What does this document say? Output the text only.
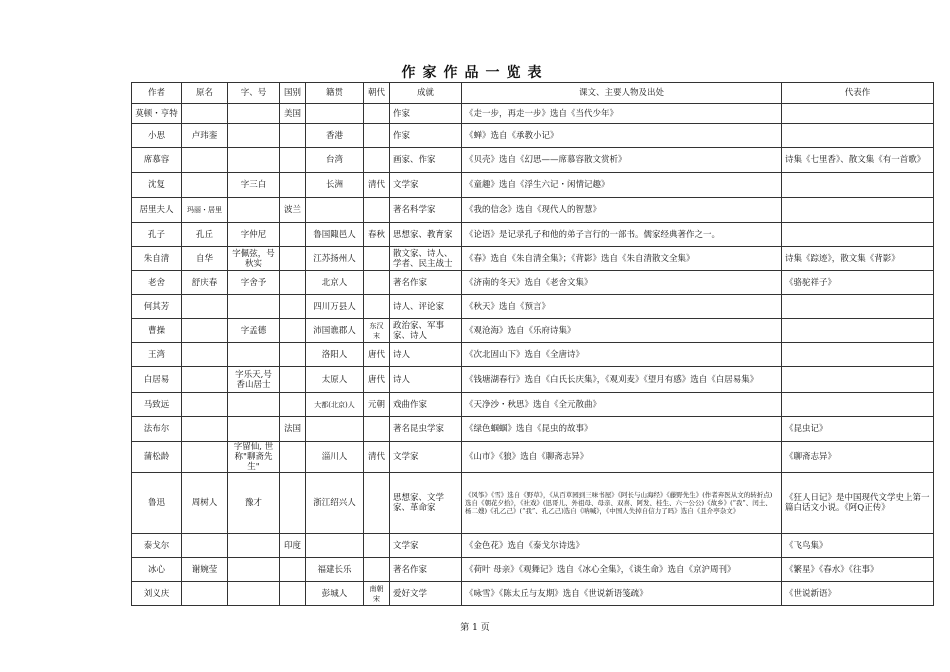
作家作品一览表
作者	原名	字、号	国别	籍贯	朝代	成就	课文、主要人物及出处	代表作
莫顿・亨特			美国			作家	《走一步，再走一步》选自《当代少年》	
小思	卢玮銮			香港		作家	《蝉》选自《承教小记》	
席慕容				台湾		画家、作家	《贝壳》选自《幻思——席慕容散文赏析》	诗集《七里香》、散文集《有一首歌》
沈复		字三白		长洲	清代	文学家	《童趣》选自《浮生六记・闲情记趣》	
居里夫人	玛丽・居里		波兰			著名科学家	《我的信念》选自《现代人的智慧》	
孔子	孔丘	字仲尼		鲁国陬邑人	春秋	思想家、教育家	《论语》是记录孔子和他的弟子言行的一部书。儒家经典著作之一。	
朱自清	自华	字佩弦，号秋实		江苏扬州人		散文家、诗人、学者、民主战士	《春》选自《朱自清全集》；《背影》选自《朱自清散文全集》	诗集《踪迹》，散文集《背影》
老舍	舒庆春	字舍予		北京人		著名作家	《济南的冬天》选自《老舍文集》	《骆驼祥子》
何其芳				四川万县人		诗人、评论家	《秋天》选自《预言》	
曹操		字孟德		沛国谯郡人	东汉末	政治家、军事家、诗人	《观沧海》选自《乐府诗集》	
王湾				洛阳人	唐代	诗人	《次北固山下》选自《全唐诗》	
白居易		字乐天,号香山居士		太原人	唐代	诗人	《钱塘湖春行》选自《白氏长庆集》，《观刈麦》《望月有感》选自《白居易集》	
马致远				大都(北京)人	元朝	戏曲作家	《天净沙・秋思》选自《全元散曲》	
法布尔			法国			著名昆虫学家	《绿色蝈蝈》选自《昆虫的故事》	《昆虫记》
蒲松龄		字留仙, 世称"聊斋先生"		淄川人	清代	文学家	《山市》《狼》选自《聊斋志异》	《聊斋志异》
鲁迅	周树人	豫才		浙江绍兴人		思想家、文学家、革命家	《风筝》《雪》选自《野草》，《从百草园到三味书屋》《阿长与山海经》《藤野先生》(作者弃医从文的转折点)选自《朝花夕拾》，《社戏》(迅哥儿、外祖母、母亲、双喜、阿发、桂生、六一公公)《故乡》(“我”、闰土、杨二嫂)《孔乙己》(“我”、孔乙己)选自《呐喊》，《中国人失掉自信力了吗》选自《且介亭杂文》	《狂人日记》是中国现代文学史上第一篇白话文小说。《阿Q正传》
泰戈尔			印度			文学家	《金色花》选自《泰戈尔诗选》	《飞鸟集》
冰心	谢婉莹			福建长乐		著名作家	《荷叶 母亲》《观舞记》选自《冰心全集》，《谈生命》选自《京沪周刊》	《繁星》《春水》《往事》
刘义庆				彭城人	南朝宋	爱好文学	《咏雪》《陈太丘与友期》选自《世说新语笺疏》	《世说新语》
第 1 页
